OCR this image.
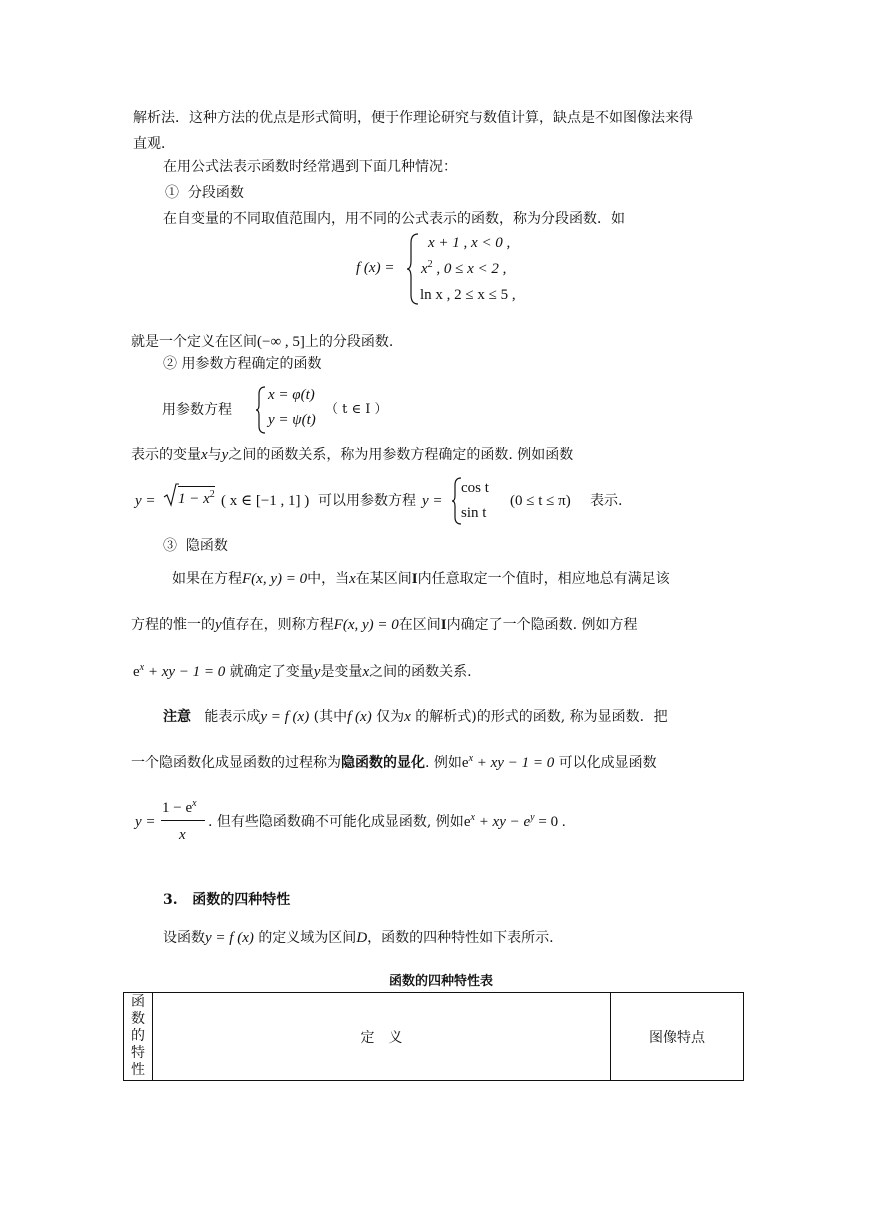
解析法．这种方法的优点是形式简明，便于作理论研究与数值计算，缺点是不如图像法来得
直观．
在用公式法表示函数时经常遇到下面几种情况：
① 分段函数
在自变量的不同取值范围内，用不同的公式表示的函数，称为分段函数．如
f (x) =
x + 1 , x < 0 ,
$x^2$ , 0 ≤ x < 2 ,
ln x , 2 ≤ x ≤ 5 ,
就是一个定义在区间(−∞ , 5]上的分段函数.
② 用参数方程确定的函数
用参数方程
x = φ(t)
y = ψ(t)
（ t ∈ I ）
表示的变量x与y之间的函数关系，称为用参数方程确定的函数. 例如函数
$y = 1 - x^2$ ( x ∈ [−1 , 1] ) 可以用参数方程 y =
cos t
sin t
(0 ≤ t ≤ π) 表示.
③ 隐函数
如果在方程F(x, y) = 0中，当x在某区间I内任意取定一个值时，相应地总有满足该
方程的惟一的y值存在，则称方程F(x, y) = 0在区间I内确定了一个隐函数. 例如方程
$e^x$ + xy − 1 = 0 就确定了变量y是变量x之间的函数关系.
注意 能表示成y = f (x) (其中f (x) 仅为x 的解析式)的形式的函数, 称为显函数．把
一个隐函数化成显函数的过程称为隐函数的显化. 例如$e^x$ + xy − 1 = 0 可以化成显函数
y =
$1 - e^x$
x
. 但有些隐函数确不可能化成显函数, 例如$e^x$ + xy − $e^y = 0$ .
3. 函数的四种特性
设函数y = f (x) 的定义域为区间D，函数的四种特性如下表所示.
函数的四种特性表
函
数
的
特
性
	定　义	图像特点
